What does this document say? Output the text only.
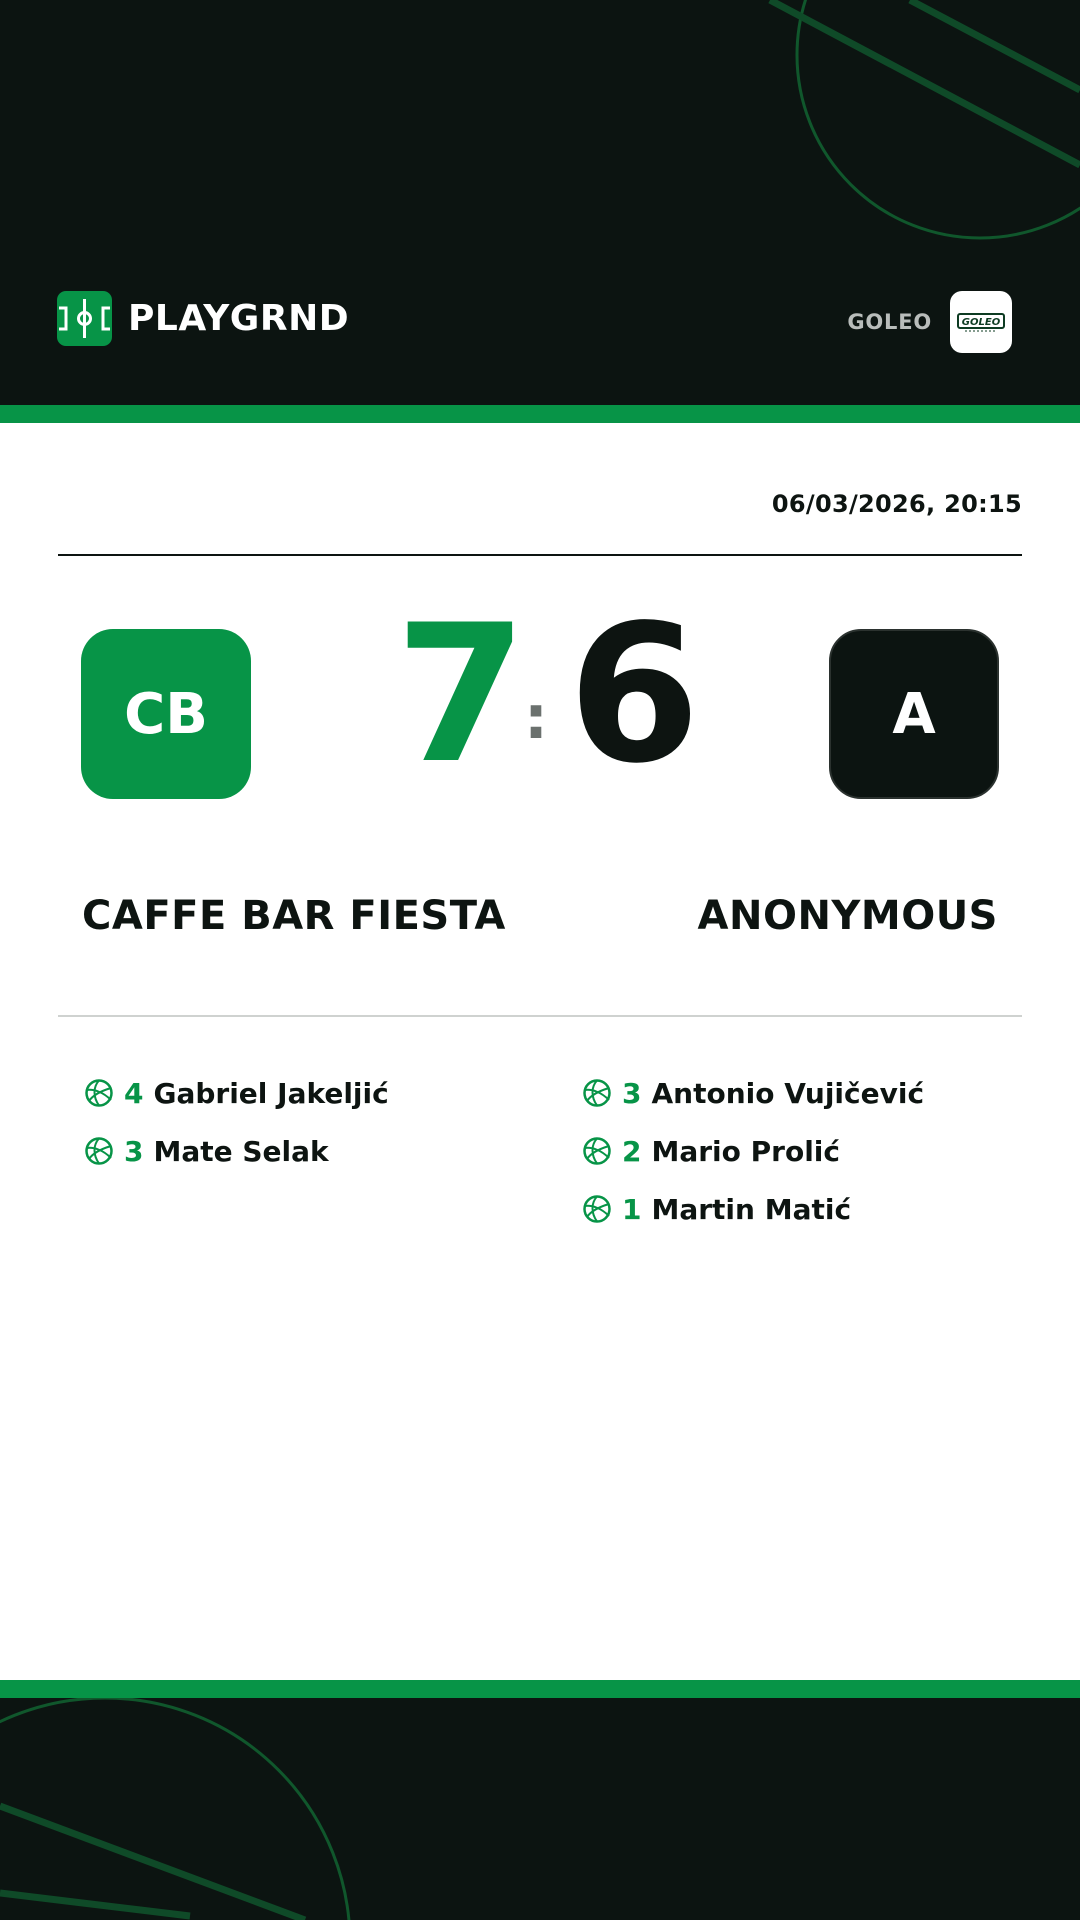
PLAYGRND	GOLEO	GOLEO
06/03/2026, 20:15
CB 7
: 6	A
CAFFE BAR FIESTA	ANONYMOUS
4 Gabriel Jakeljić
3 Mate Selak
3 Antonio Vujičević
2 Mario Prolić
1 Martin Matić
